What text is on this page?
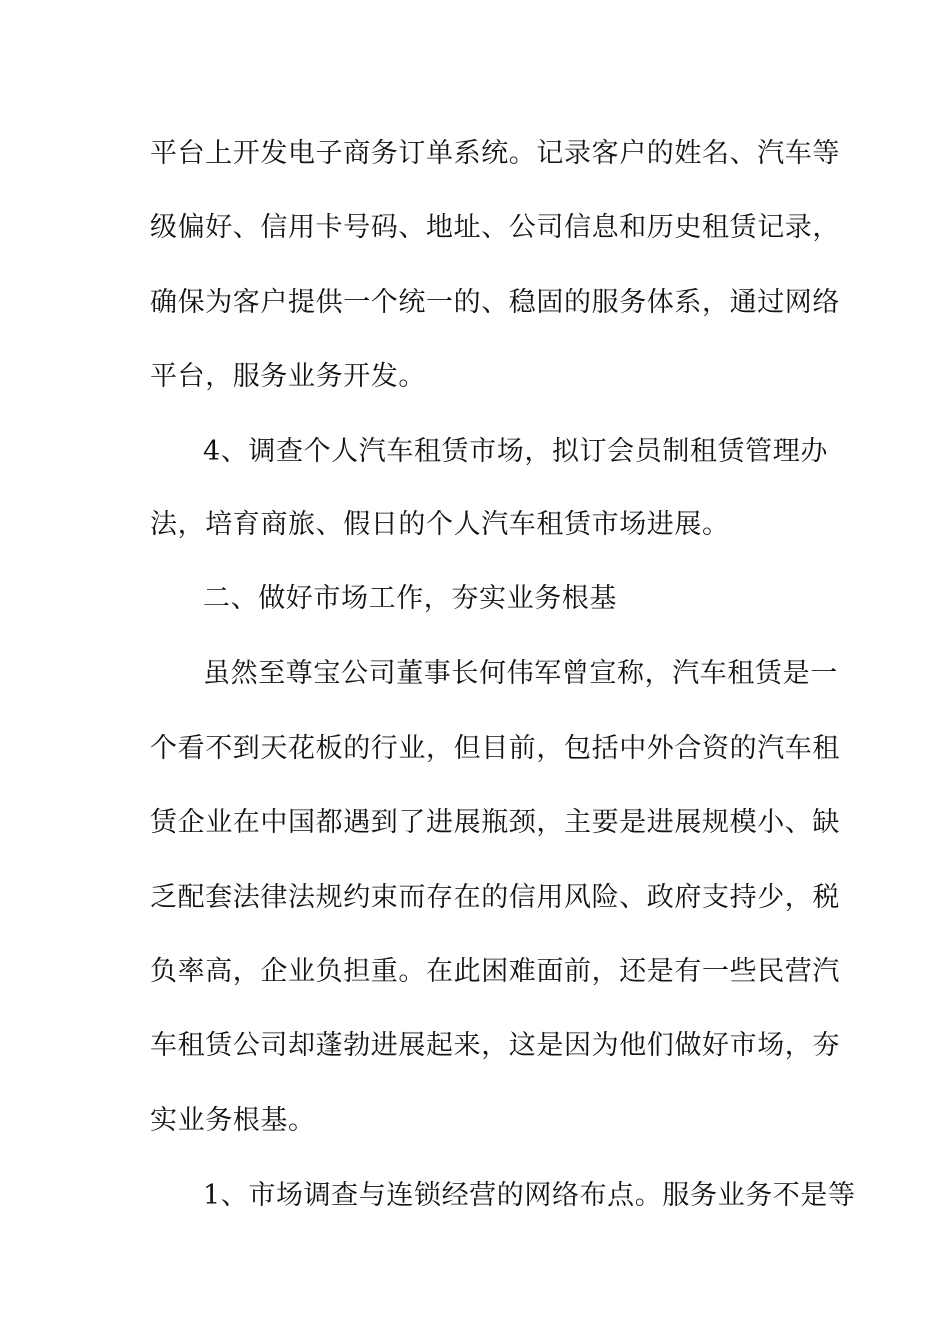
平台上开发电子商务订单系统。记录客户的姓名、汽车等
级偏好、信用卡号码、地址、公司信息和历史租赁记录，
确保为客户提供一个统一的、稳固的服务体系，通过网络
平台，服务业务开发。
4、调查个人汽车租赁市场，拟订会员制租赁管理办
法，培育商旅、假日的个人汽车租赁市场进展。
二、做好市场工作，夯实业务根基
虽然至尊宝公司董事长何伟军曾宣称，汽车租赁是一
个看不到天花板的行业，但目前，包括中外合资的汽车租
赁企业在中国都遇到了进展瓶颈，主要是进展规模小、缺
乏配套法律法规约束而存在的信用风险、政府支持少，税
负率高，企业负担重。在此困难面前，还是有一些民营汽
车租赁公司却蓬勃进展起来，这是因为他们做好市场，夯
实业务根基。
1、市场调查与连锁经营的网络布点。服务业务不是等
